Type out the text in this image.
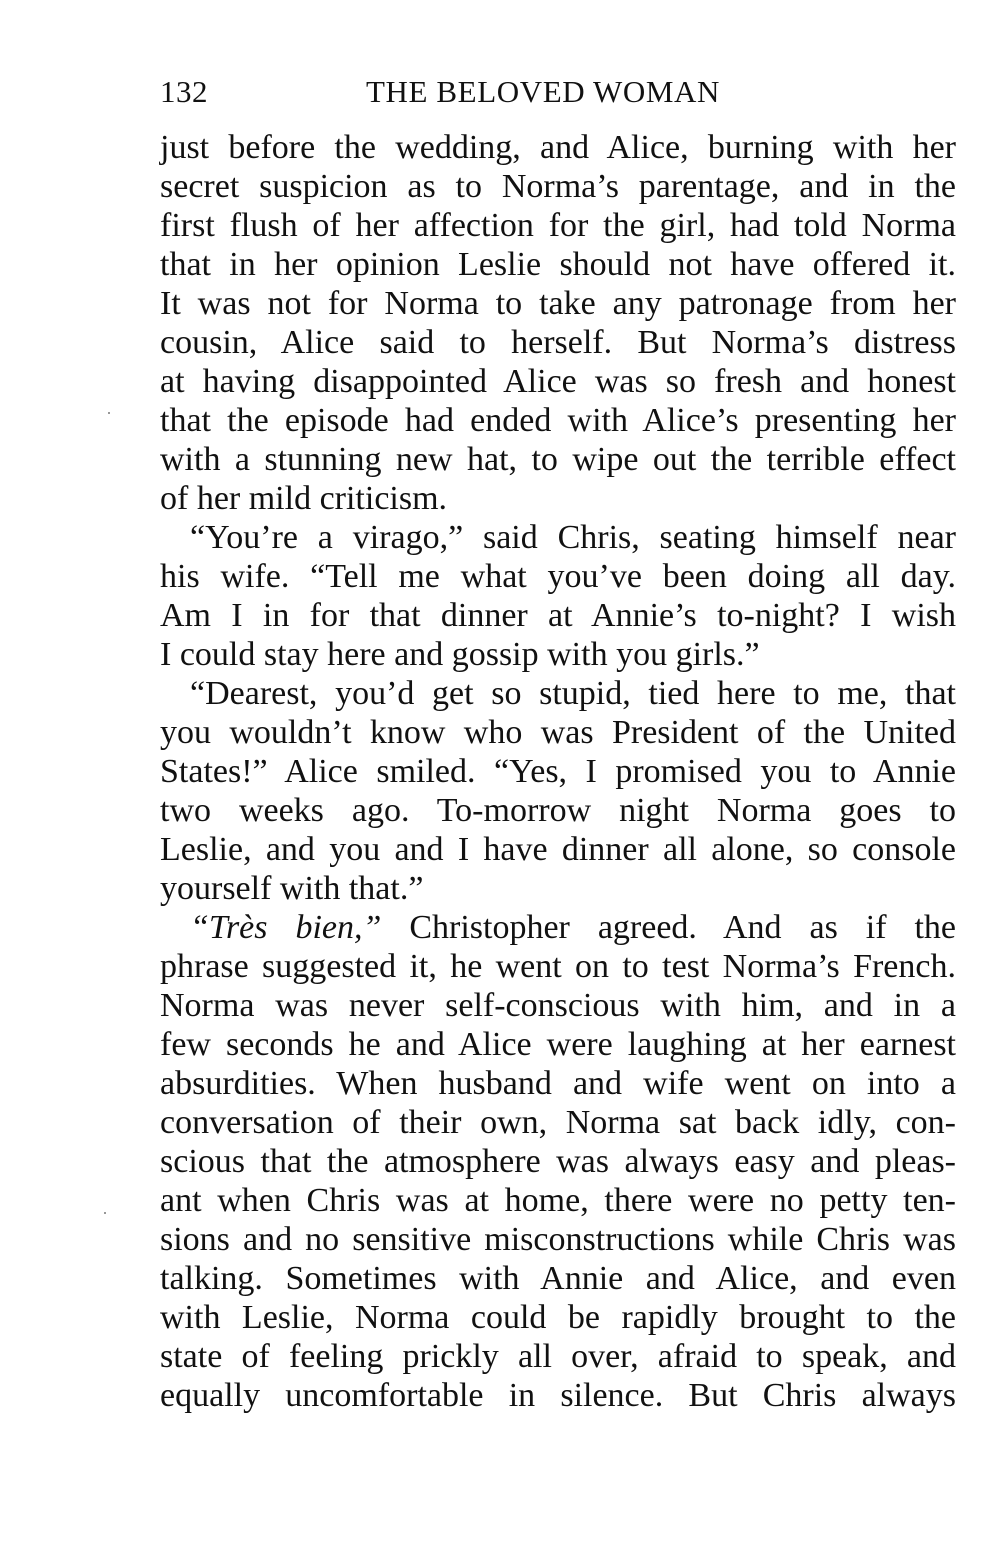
132	THE BELOVED WOMAN
just before the wedding, and Alice, burning with her
secret suspicion as to Norma’s parentage, and in the
first flush of her affection for the girl, had told Norma
that in her opinion Leslie should not have offered it.
It was not for Norma to take any patronage from her
cousin, Alice said to herself. But Norma’s distress
at having disappointed Alice was so fresh and honest
that the episode had ended with Alice’s presenting her
with a stunning new hat, to wipe out the terrible effect
of her mild criticism.
“You’re a virago,” said Chris, seating himself near
his wife. “Tell me what you’ve been doing all day.
Am I in for that dinner at Annie’s to-night? I wish
I could stay here and gossip with you girls.”
“Dearest, you’d get so stupid, tied here to me, that
you wouldn’t know who was President of the United
States!” Alice smiled. “Yes, I promised you to Annie
two weeks ago. To-morrow night Norma goes to
Leslie, and you and I have dinner all alone, so console
yourself with that.”
“Très bien,” Christopher agreed. And as if the
phrase suggested it, he went on to test Norma’s French.
Norma was never self-conscious with him, and in a
few seconds he and Alice were laughing at her earnest
absurdities. When husband and wife went on into a
conversation of their own, Norma sat back idly, con-
scious that the atmosphere was always easy and pleas-
ant when Chris was at home, there were no petty ten-
sions and no sensitive misconstructions while Chris was
talking. Sometimes with Annie and Alice, and even
with Leslie, Norma could be rapidly brought to the
state of feeling prickly all over, afraid to speak, and
equally uncomfortable in silence. But Chris always
